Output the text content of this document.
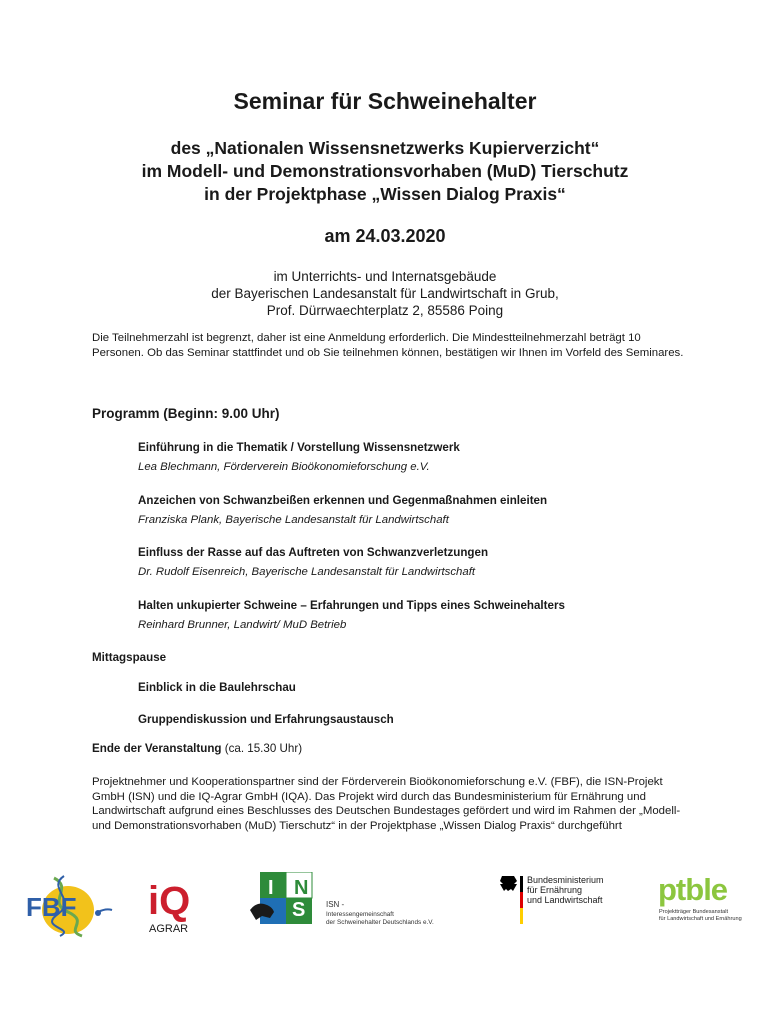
Seminar für Schweinehalter
des „Nationalen Wissensnetzwerks Kupierverzicht“
im Modell- und Demonstrationsvorhaben (MuD) Tierschutz
in der Projektphase „Wissen Dialog Praxis“
am 24.03.2020
im Unterrichts- und Internatsgebäude
der Bayerischen Landesanstalt für Landwirtschaft in Grub,
Prof. Dürrwaechterplatz 2, 85586 Poing

Die Teilnehmerzahl ist begrenzt, daher ist eine Anmeldung erforderlich. Die Mindestteilnehmerzahl beträgt 10 Personen. Ob das Seminar stattfindet und ob Sie teilnehmen können, bestätigen wir Ihnen im Vorfeld des Seminares.

Programm (Beginn: 9.00 Uhr)
Einführung in die Thematik / Vorstellung Wissensnetzwerk
Lea Blechmann, Förderverein Bioökonomieforschung e.V.
Anzeichen von Schwanzbeißen erkennen und Gegenmaßnahmen einleiten
Franziska Plank, Bayerische Landesanstalt für Landwirtschaft
Einfluss der Rasse auf das Auftreten von Schwanzverletzungen
Dr. Rudolf Eisenreich, Bayerische Landesanstalt für Landwirtschaft
Halten unkupierter Schweine – Erfahrungen und Tipps eines Schweinehalters
Reinhard Brunner, Landwirt/ MuD Betrieb
Mittagspause
Einblick in die Baulehrschau
Gruppendiskussion und Erfahrungsaustausch
Ende der Veranstaltung (ca. 15.30 Uhr)

Projektnehmer und Kooperationspartner sind der Förderverein Bioökonomieforschung e.V. (FBF), die ISN-Projekt GmbH (ISN) und die IQ-Agrar GmbH (IQA). Das Projekt wird durch das Bundesministerium für Ernährung und Landwirtschaft aufgrund eines Beschlusses des Deutschen Bundestages gefördert und wird im Rahmen der „Modell- und Demonstrationsvorhaben (MuD) Tierschutz“ in der Projektphase „Wissen Dialog Praxis“ durchgeführt

FBF iQ
AGRAR
I
S
N
ISN -
Interessengemeinschaft
der Schweinehalter Deutschlands e.V.
Bundesministerium
für Ernährung
und Landwirtschaft ptble
Projektträger Bundesanstalt
für Landwirtschaft und Ernährung
